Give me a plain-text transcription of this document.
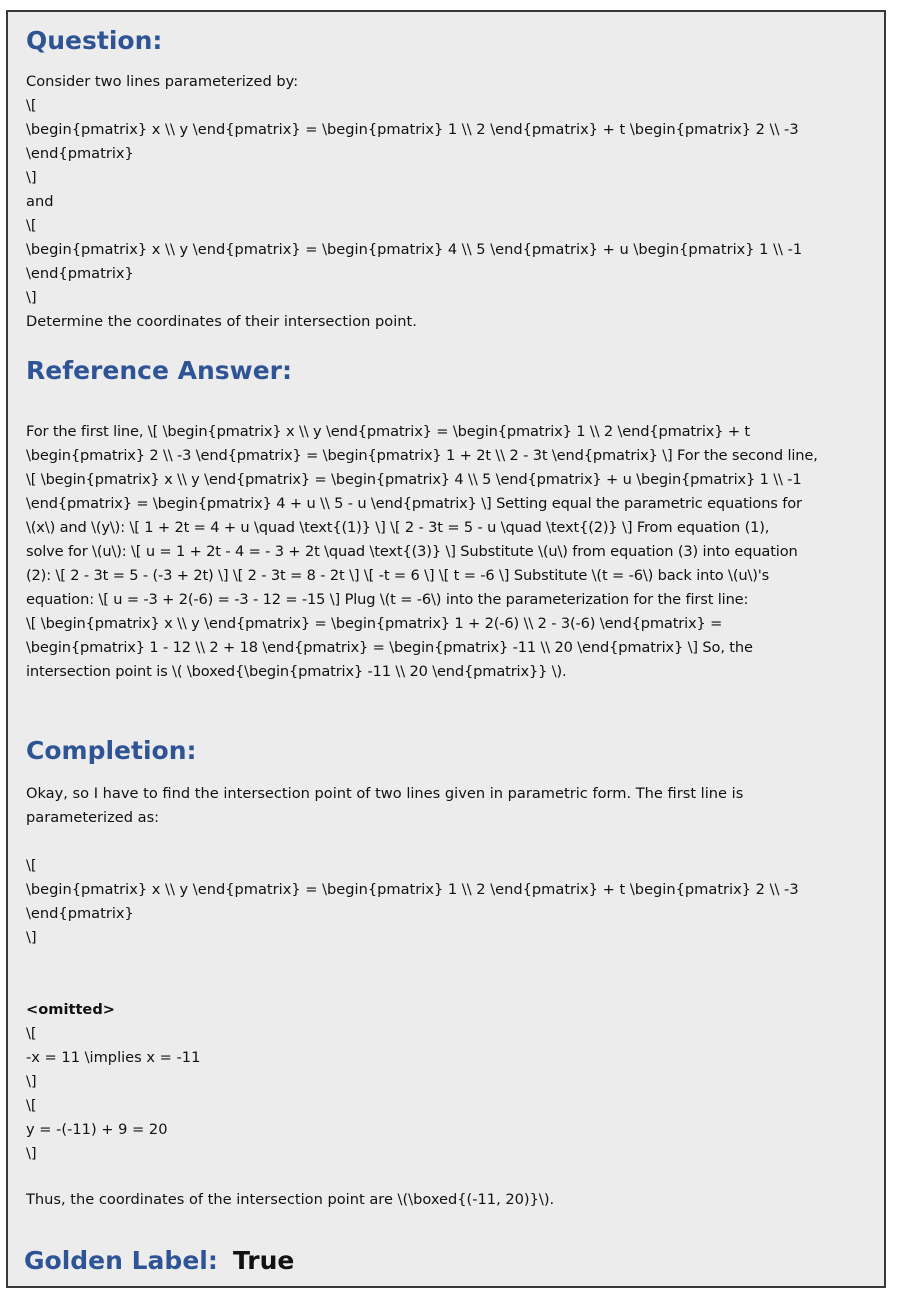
Question:

Consider two lines parameterized by:

\[

\begin{pmatrix} x \\ y \end{pmatrix} = \begin{pmatrix} 1 \\ 2 \end{pmatrix} + t \begin{pmatrix} 2 \\ -3

\end{pmatrix}

\]

and

\[

\begin{pmatrix} x \\ y \end{pmatrix} = \begin{pmatrix} 4 \\ 5 \end{pmatrix} + u \begin{pmatrix} 1 \\ -1

\end{pmatrix}

\]

Determine the coordinates of their intersection point.

Reference Answer:

For the first line, \[ \begin{pmatrix} x \\ y \end{pmatrix} = \begin{pmatrix} 1 \\ 2 \end{pmatrix} + t

\begin{pmatrix} 2 \\ -3 \end{pmatrix} = \begin{pmatrix} 1 + 2t \\ 2 - 3t \end{pmatrix} \] For the second line,

\[ \begin{pmatrix} x \\ y \end{pmatrix} = \begin{pmatrix} 4 \\ 5 \end{pmatrix} + u \begin{pmatrix} 1 \\ -1

\end{pmatrix} = \begin{pmatrix} 4 + u \\ 5 - u \end{pmatrix} \] Setting equal the parametric equations for

\(x\) and \(y\): \[ 1 + 2t = 4 + u \quad \text{(1)} \] \[ 2 - 3t = 5 - u \quad \text{(2)} \] From equation (1),

solve for \(u\): \[ u = 1 + 2t - 4 = - 3 + 2t \quad \text{(3)} \] Substitute \(u\) from equation (3) into equation

(2): \[ 2 - 3t = 5 - (-3 + 2t) \] \[ 2 - 3t = 8 - 2t \] \[ -t = 6 \] \[ t = -6 \] Substitute \(t = -6\) back into \(u\)'s

equation: \[ u = -3 + 2(-6) = -3 - 12 = -15 \] Plug \(t = -6\) into the parameterization for the first line:

\[ \begin{pmatrix} x \\ y \end{pmatrix} = \begin{pmatrix} 1 + 2(-6) \\ 2 - 3(-6) \end{pmatrix} =

\begin{pmatrix} 1 - 12 \\ 2 + 18 \end{pmatrix} = \begin{pmatrix} -11 \\ 20 \end{pmatrix} \] So, the

intersection point is \( \boxed{\begin{pmatrix} -11 \\ 20 \end{pmatrix}} \).

Completion:

Okay, so I have to find the intersection point of two lines given in parametric form. The first line is

parameterized as:

\[

\begin{pmatrix} x \\ y \end{pmatrix} = \begin{pmatrix} 1 \\ 2 \end{pmatrix} + t \begin{pmatrix} 2 \\ -3

\end{pmatrix}

\]

<omitted>

\[

-x = 11 \implies x = -11

\]

\[

y = -(-11) + 9 = 20

\]

Thus, the coordinates of the intersection point are \(\boxed{(-11, 20)}\).

Golden Label: True
